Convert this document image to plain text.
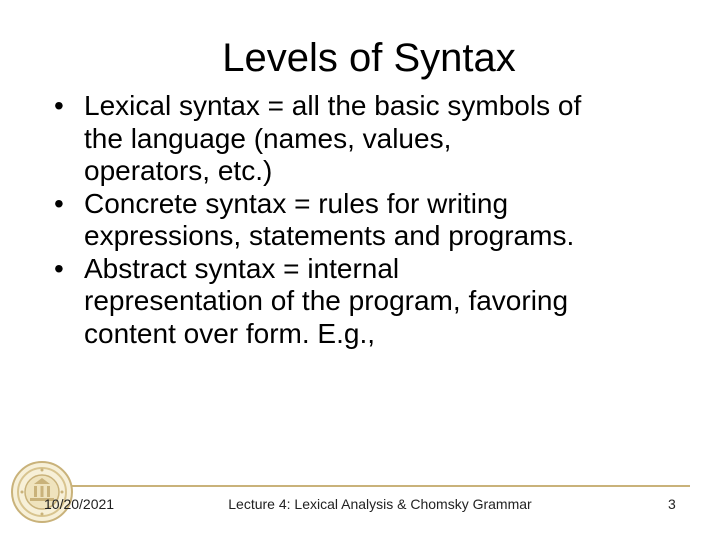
Levels of Syntax
• Lexical syntax = all the basic symbols of
the language (names, values,
operators, etc.)
• Concrete syntax = rules for writing
expressions, statements and programs.
• Abstract syntax = internal
representation of the program, favoring
content over form. E.g.,
10/20/2021	Lecture 4: Lexical Analysis & Chomsky Grammar	3
